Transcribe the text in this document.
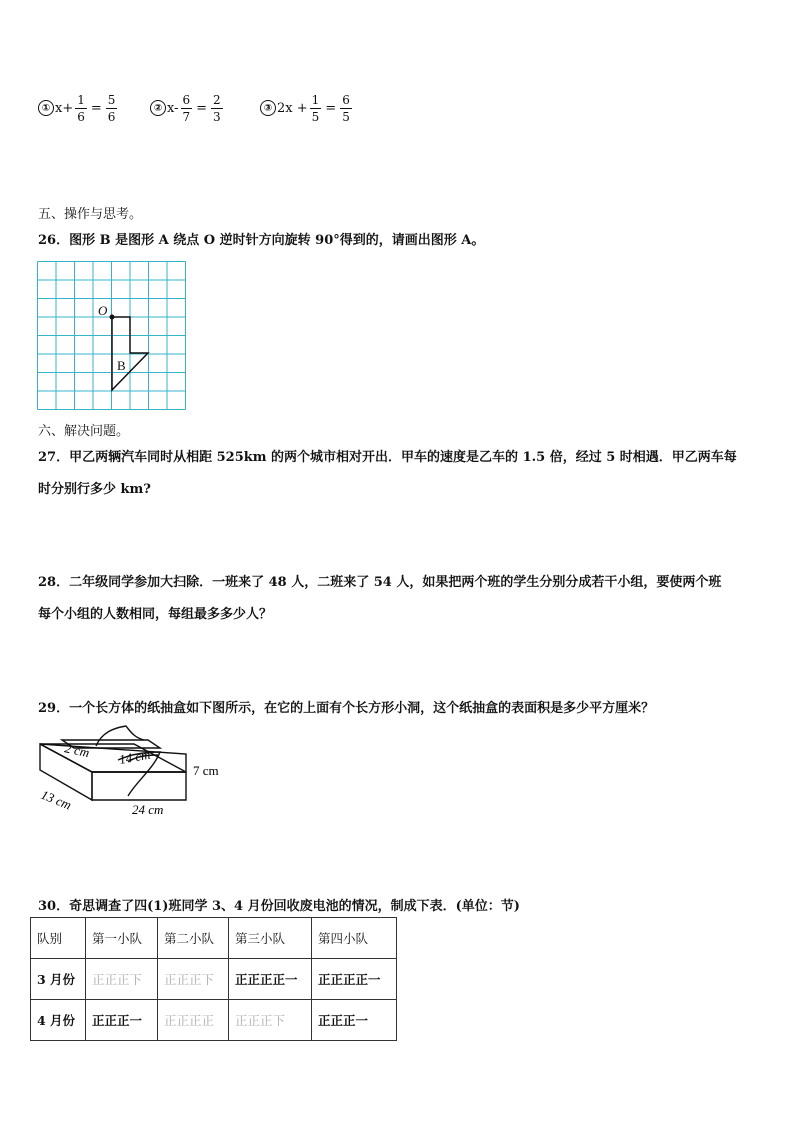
① $x+ \frac{1}{6} = \frac{5}{6}$	② $x- \frac{6}{7} = \frac{2}{3}$	③ $2x + \frac{1}{5} = \frac{6}{5}$
五、操作与思考。
26．图形 B 是图形 A 绕点 O 逆时针方向旋转 90°得到的，请画出图形 A。
O
B
六、解决问题。
27．甲乙两辆汽车同时从相距 525km 的两个城市相对开出．甲车的速度是乙车的 1.5 倍，经过 5 时相遇．甲乙两车每
时分别行多少 km?
28．二年级同学参加大扫除．一班来了 48 人，二班来了 54 人，如果把两个班的学生分别分成若干小组，要使两个班
每个小组的人数相同，每组最多多少人？
29．一个长方体的纸抽盒如下图所示，在它的上面有个长方形小洞，这个纸抽盒的表面积是多少平方厘米？
2 cm 14 cm
7 cm
13 cm	24 cm
30．奇思调查了四(1)班同学 3、4 月份回收废电池的情况，制成下表．(单位：节)
队别	第一小队	第二小队	第三小队	第四小队
3 月份	正正正下	正正正下	正正正正一	正正正正一
4 月份	正正正一	正正正正	正正正下	正正正一
